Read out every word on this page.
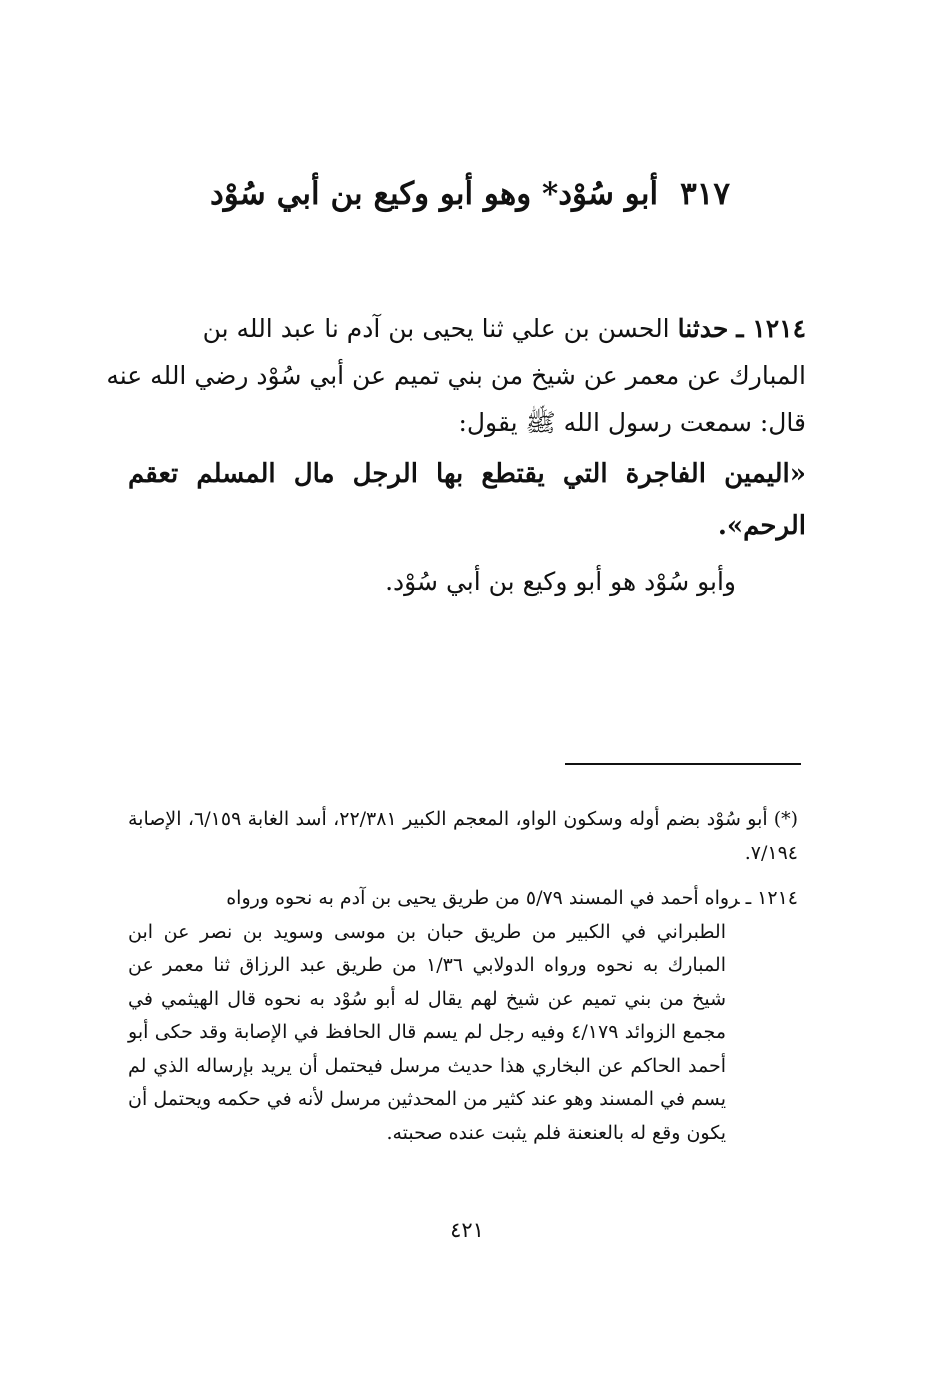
٣١٧أبو سُوْد* وهو أبو وكيع بن أبي سُوْد

١٢١٤ ـ حدثنا الحسن بن علي ثنا يحيى بن آدم نا عبد الله بن

المبارك عن معمر عن شيخ من بني تميم عن أبي سُوْد رضي الله عنه

قال: سمعت رسول الله ﷺ يقول:

«اليمين الفاجرة التي يقتطع بها الرجل مال المسلم تعقم الرحم».

وأبو سُوْد هو أبو وكيع بن أبي سُوْد.

(*)أبو سُوْد بضم أوله وسكون الواو، المعجم الكبير ٢٢/٣٨١، أسد الغابة ٦/١٥٩، الإصابة ٧/١٩٤.

١٢١٤ ـرواه أحمد في المسند ٥/٧٩ من طريق يحيى بن آدم به نحوه ورواه
الطبراني في الكبير من طريق حبان بن موسى وسويد بن نصر عن ابن المبارك به نحوه ورواه الدولابي ١/٣٦ من طريق عبد الرزاق ثنا معمر عن شيخ من بني تميم عن شيخ لهم يقال له أبو سُوْد به نحوه قال الهيثمي في مجمع الزوائد ٤/١٧٩ وفيه رجل لم يسم قال الحافظ في الإصابة وقد حكى أبو أحمد الحاكم عن البخاري هذا حديث مرسل فيحتمل أن يريد بإرساله الذي لم يسم في المسند وهو عند كثير من المحدثين مرسل لأنه في حكمه ويحتمل أن يكون وقع له بالعنعنة فلم يثبت عنده صحبته.

٤٢١
